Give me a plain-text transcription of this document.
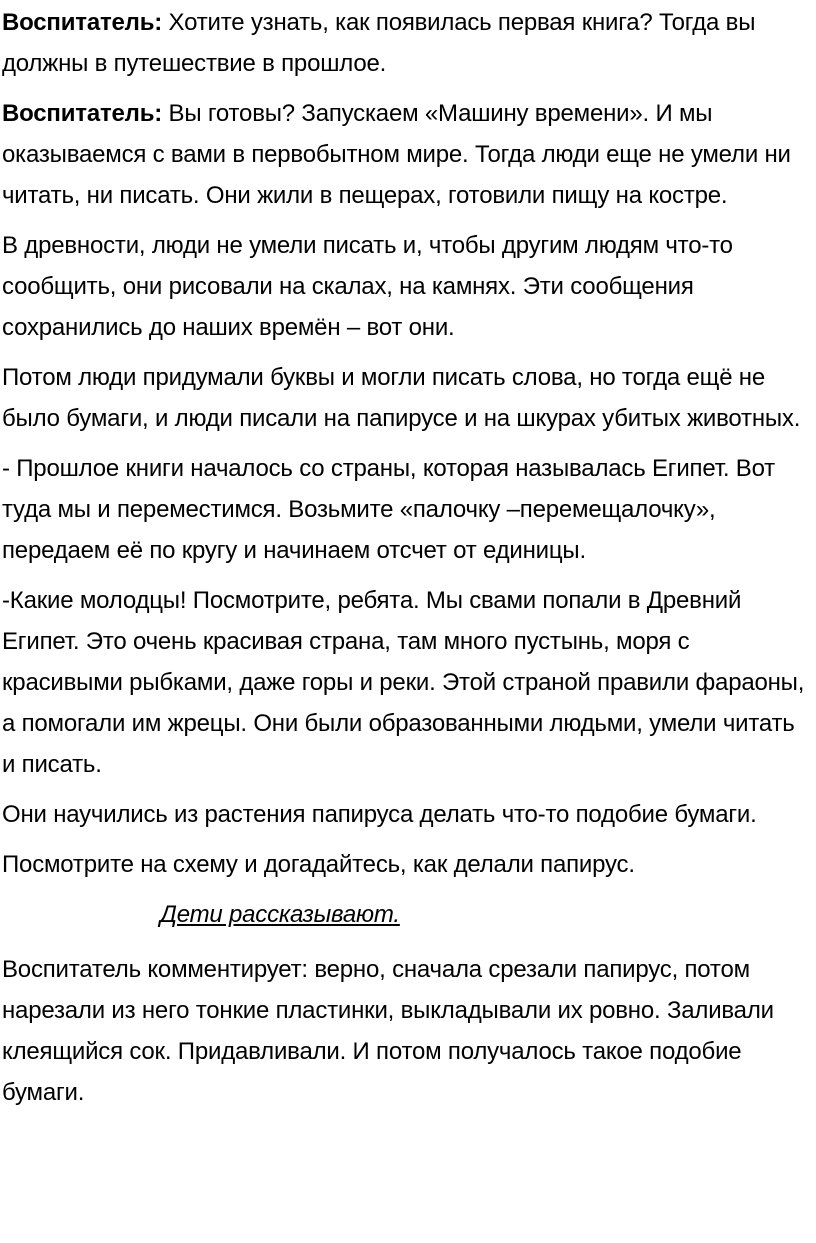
Воспитатель: Хотите узнать, как появилась первая книга? Тогда вы должны в путешествие в прошлое.

Воспитатель: Вы готовы? Запускаем «Машину времени». И мы оказываемся с вами в первобытном мире. Тогда люди еще не умели ни читать, ни писать. Они жили в пещерах, готовили пищу на костре.

В древности, люди не умели писать и, чтобы другим людям что-то сообщить, они рисовали на скалах, на камнях. Эти сообщения сохранились до наших времён – вот они.

Потом люди придумали буквы и могли писать слова, но тогда ещё не было бумаги, и люди писали на папирусе и на шкурах убитых животных.

- Прошлое книги началось со страны, которая называлась Египет. Вот туда мы и переместимся. Возьмите «палочку –перемещалочку», передаем её по кругу и начинаем отсчет от единицы.

-Какие молодцы! Посмотрите, ребята. Мы свами попали в Древний Египет. Это очень красивая страна, там много пустынь, моря с красивыми рыбками, даже горы и реки. Этой страной правили фараоны, а помогали им жрецы. Они были образованными людьми, умели читать и писать.

Они научились из растения папируса делать что-то подобие бумаги.

Посмотрите на схему и догадайтесь, как делали папирус.

Дети рассказывают.

Воспитатель комментирует: верно, сначала срезали папирус, потом нарезали из него тонкие пластинки, выкладывали их ровно. Заливали клеящийся сок. Придавливали. И потом получалось такое подобие бумаги.
